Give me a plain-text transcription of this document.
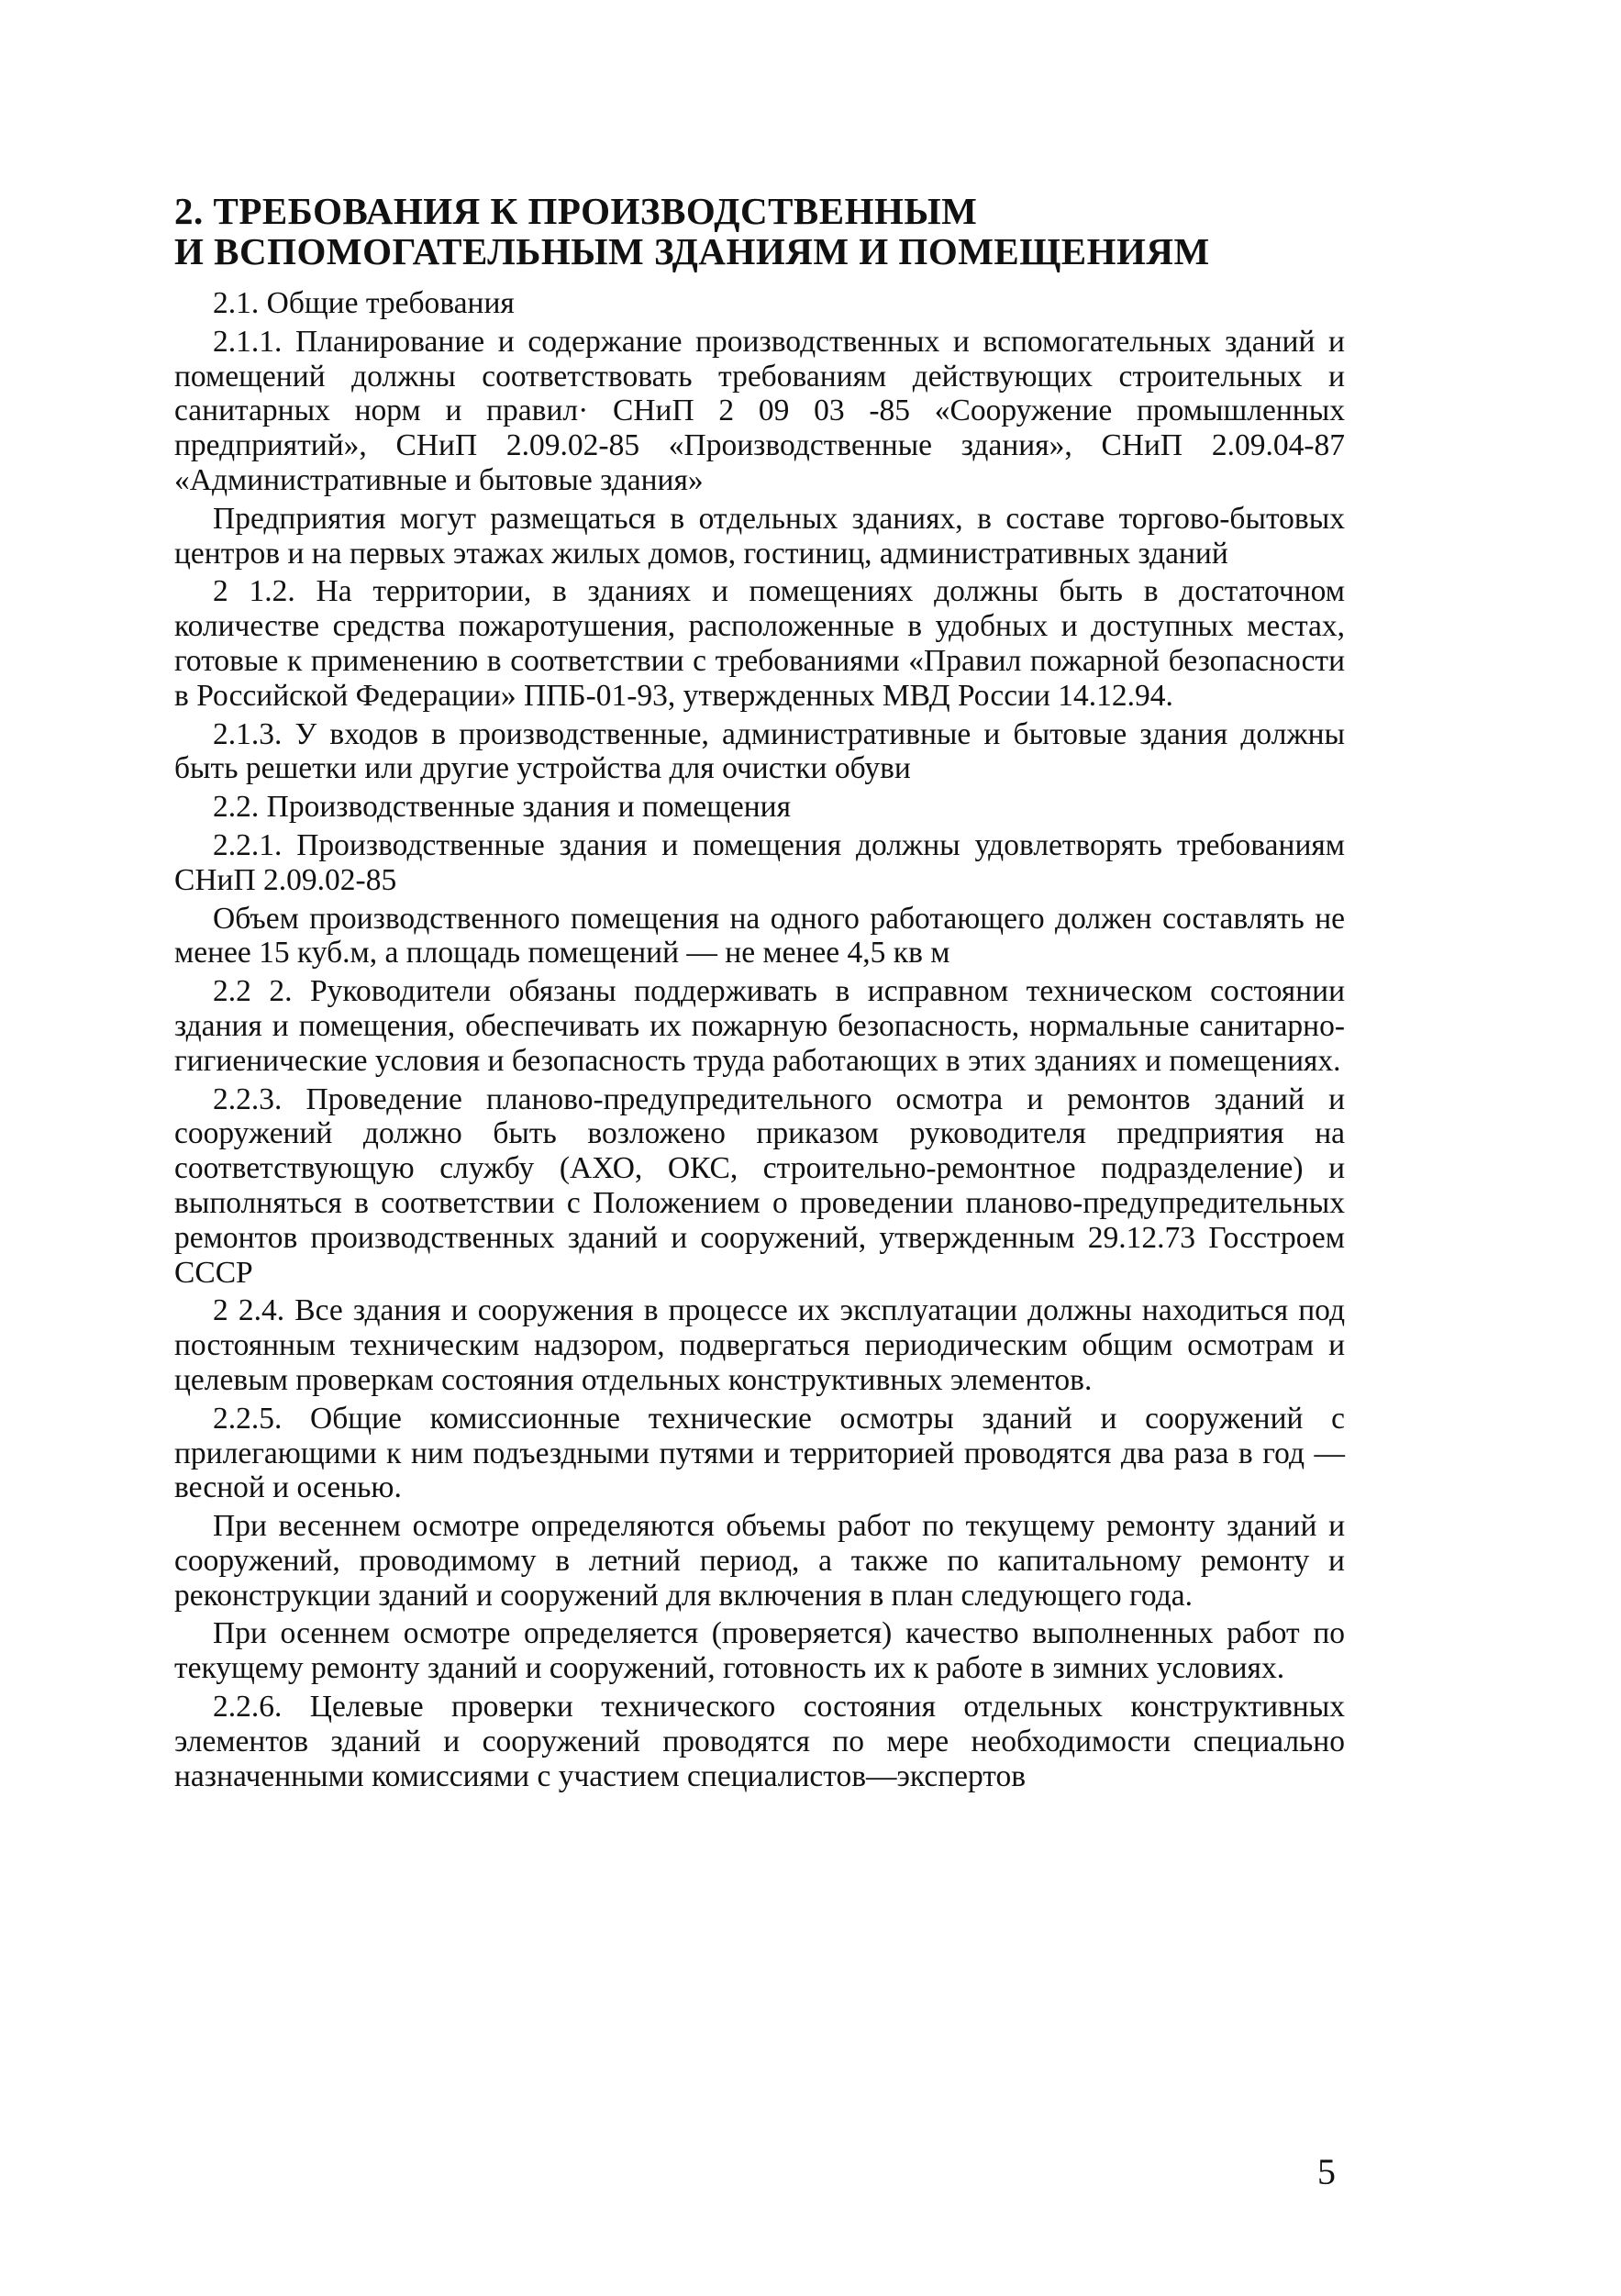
2. ТРЕБОВАНИЯ К ПРОИЗВОДСТВЕННЫМ
И ВСПОМОГАТЕЛЬНЫМ ЗДАНИЯМ И ПОМЕЩЕНИЯМ

2.1. Общие требования

2.1.1. Планирование и содержание производственных и вспомогательных зданий и помещений должны соответствовать требованиям действующих строительных и санитарных норм и правил· СНиП 2 09 03 -85 «Сооружение промышленных предприятий», СНиП 2.09.02-85 «Производственные здания», СНиП 2.09.04-87 «Административные и бытовые здания»

Предприятия могут размещаться в отдельных зданиях, в составе торгово-бытовых центров и на первых этажах жилых домов, гостиниц, административных зданий

2 1.2. На территории, в зданиях и помещениях должны быть в достаточном количестве средства пожаротушения, расположенные в удобных и доступных местах, готовые к применению в соответствии с требованиями «Правил пожарной безопасности в Российской Федерации» ППБ-01-93, утвержденных МВД России 14.12.94.

2.1.3. У входов в производственные, административные и бытовые здания должны быть решетки или другие устройства для очистки обуви

2.2. Производственные здания и помещения

2.2.1. Производственные здания и помещения должны удовлетворять требованиям СНиП 2.09.02-85

Объем производственного помещения на одного работающего должен составлять не менее 15 куб.м, а площадь помещений — не менее 4,5 кв м

2.2 2. Руководители обязаны поддерживать в исправном техническом состоянии здания и помещения, обеспечивать их пожарную безопасность, нормальные санитарно-гигиенические условия и безопасность труда работающих в этих зданиях и помещениях.

2.2.3. Проведение планово-предупредительного осмотра и ремонтов зданий и сооружений должно быть возложено приказом руководителя предприятия на соответствующую службу (АХО, ОКС, строительно-ремонтное подразделение) и выполняться в соответствии с Положением о проведении планово-предупредительных ремонтов производственных зданий и сооружений, утвержденным 29.12.73 Госстроем СССР

2 2.4. Все здания и сооружения в процессе их эксплуатации должны находиться под постоянным техническим надзором, подвергаться периодическим общим осмотрам и целевым проверкам состояния отдельных конструктивных элементов.

2.2.5. Общие комиссионные технические осмотры зданий и сооружений с прилегающими к ним подъездными путями и территорией проводятся два раза в год — весной и осенью.

При весеннем осмотре определяются объемы работ по текущему ремонту зданий и сооружений, проводимому в летний период, а также по капитальному ремонту и реконструкции зданий и сооружений для включения в план следующего года.

При осеннем осмотре определяется (проверяется) качество выполненных работ по текущему ремонту зданий и сооружений, готовность их к работе в зимних условиях.

2.2.6. Целевые проверки технического состояния отдельных конструктивных элементов зданий и сооружений проводятся по мере необходимости специально назначенными комиссиями с участием специалистов—экспертов

5
